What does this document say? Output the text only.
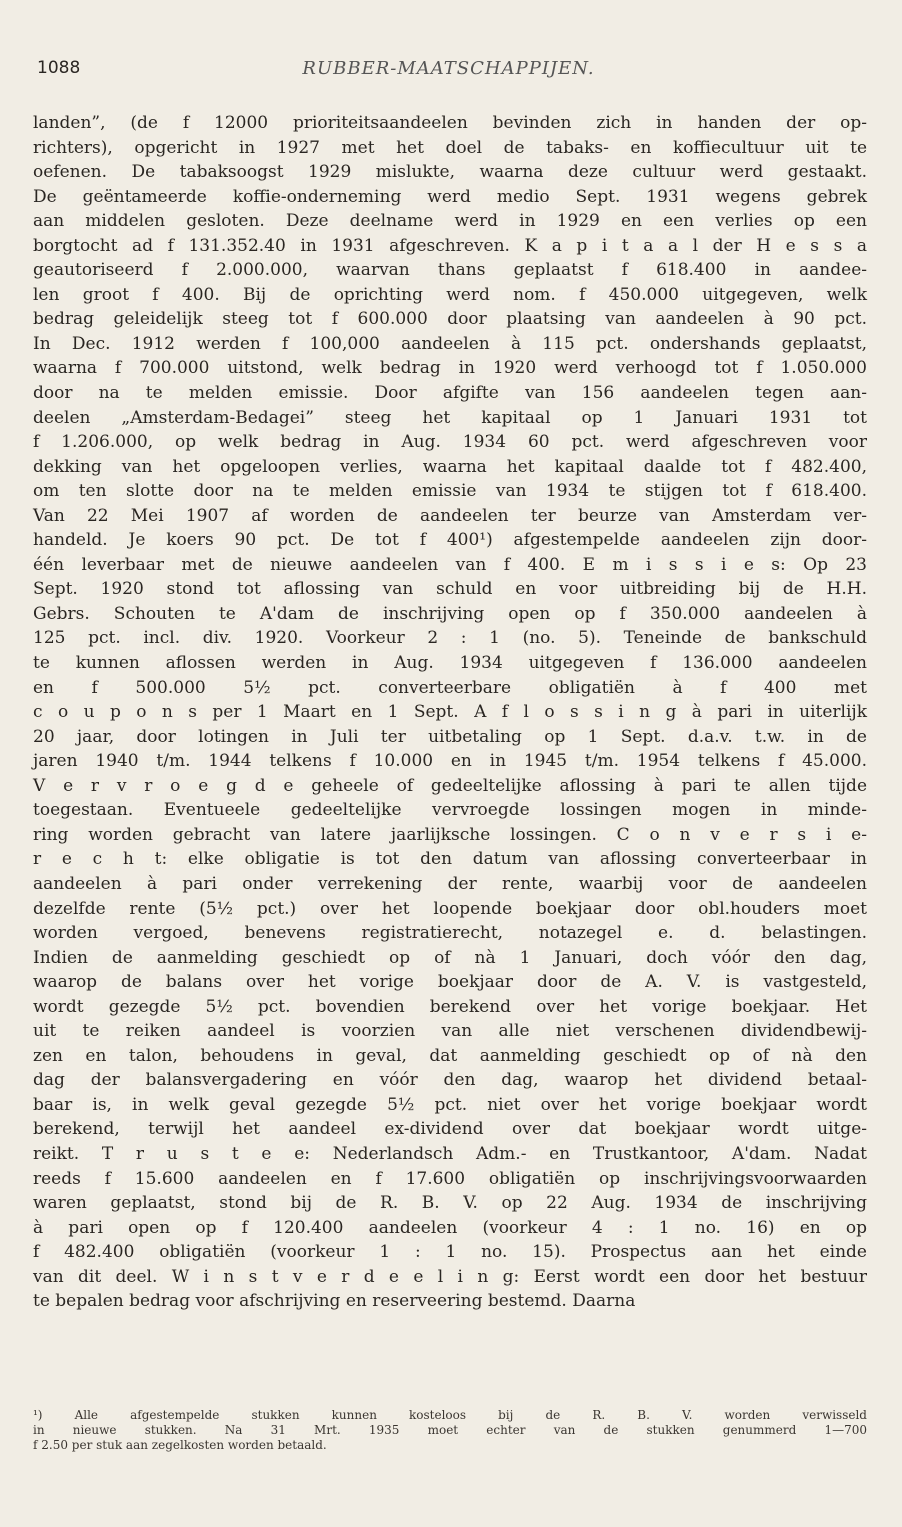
1088	RUBBER-MAATSCHAPPIJEN.
landen”, (de f 12000 prioriteitsaandeelen bevinden zich in handen der op-
richters), opgericht in 1927 met het doel de tabaks- en koffiecultuur uit te
oefenen. De tabaksoogst 1929 mislukte, waarna deze cultuur werd gestaakt.
De geëntameerde koffie-onderneming werd medio Sept. 1931 wegens gebrek
aan middelen gesloten. Deze deelname werd in 1929 en een verlies op een
borgtocht ad f 131.352.40 in 1931 afgeschreven. K a p i t a a l der H e s s a
geautoriseerd f 2.000.000, waarvan thans geplaatst f 618.400 in aandee-
len groot f 400. Bij de oprichting werd nom. f 450.000 uitgegeven, welk
bedrag geleidelijk steeg tot f 600.000 door plaatsing van aandeelen à 90 pct.
In Dec. 1912 werden f 100,000 aandeelen à 115 pct. ondershands geplaatst,
waarna f 700.000 uitstond, welk bedrag in 1920 werd verhoogd tot f 1.050.000
door na te melden emissie. Door afgifte van 156 aandeelen tegen aan-
deelen „Amsterdam-Bedagei” steeg het kapitaal op 1 Januari 1931 tot
f 1.206.000, op welk bedrag in Aug. 1934 60 pct. werd afgeschreven voor
dekking van het opgeloopen verlies, waarna het kapitaal daalde tot f 482.400,
om ten slotte door na te melden emissie van 1934 te stijgen tot f 618.400.
Van 22 Mei 1907 af worden de aandeelen ter beurze van Amsterdam ver-
handeld. Je koers 90 pct. De tot f 400¹) afgestempelde aandeelen zijn door-
één leverbaar met de nieuwe aandeelen van f 400. E m i s s i e s: Op 23
Sept. 1920 stond tot aflossing van schuld en voor uitbreiding bij de H.H.
Gebrs. Schouten te A'dam de inschrijving open op f 350.000 aandeelen à
125 pct. incl. div. 1920. Voorkeur 2 : 1 (no. 5). Teneinde de bankschuld
te kunnen aflossen werden in Aug. 1934 uitgegeven f 136.000 aandeelen
en f 500.000 5½ pct. converteerbare obligatiën à f 400 met
c o u p o n s per 1 Maart en 1 Sept. A f l o s s i n g à pari in uiterlijk
20 jaar, door lotingen in Juli ter uitbetaling op 1 Sept. d.a.v. t.w. in de
jaren 1940 t/m. 1944 telkens f 10.000 en in 1945 t/m. 1954 telkens f 45.000.
V e r v r o e g d e geheele of gedeeltelijke aflossing à pari te allen tijde
toegestaan. Eventueele gedeeltelijke vervroegde lossingen mogen in minde-
ring worden gebracht van latere jaarlijksche lossingen. C o n v e r s i e-
r e c h t: elke obligatie is tot den datum van aflossing converteerbaar in
aandeelen à pari onder verrekening der rente, waarbij voor de aandeelen
dezelfde rente (5½ pct.) over het loopende boekjaar door obl.houders moet
worden vergoed, benevens registratierecht, notazegel e. d. belastingen.
Indien de aanmelding geschiedt op of nà 1 Januari, doch vóór den dag,
waarop de balans over het vorige boekjaar door de A. V. is vastgesteld,
wordt gezegde 5½ pct. bovendien berekend over het vorige boekjaar. Het
uit te reiken aandeel is voorzien van alle niet verschenen dividendbewij-
zen en talon, behoudens in geval, dat aanmelding geschiedt op of nà den
dag der balansvergadering en vóór den dag, waarop het dividend betaal-
baar is, in welk geval gezegde 5½ pct. niet over het vorige boekjaar wordt
berekend, terwijl het aandeel ex-dividend over dat boekjaar wordt uitge-
reikt. T r u s t e e: Nederlandsch Adm.- en Trustkantoor, A'dam. Nadat
reeds f 15.600 aandeelen en f 17.600 obligatiën op inschrijvingsvoorwaarden
waren geplaatst, stond bij de R. B. V. op 22 Aug. 1934 de inschrijving
à pari open op f 120.400 aandeelen (voorkeur 4 : 1 no. 16) en op
f 482.400 obligatiën (voorkeur 1 : 1 no. 15). Prospectus aan het einde
van dit deel. W i n s t v e r d e e l i n g: Eerst wordt een door het bestuur
te bepalen bedrag voor afschrijving en reserveering bestemd. Daarna
¹) Alle afgestempelde stukken kunnen kosteloos bij de R. B. V. worden verwisseld
in nieuwe stukken. Na 31 Mrt. 1935 moet echter van de stukken genummerd 1—700
f 2.50 per stuk aan zegelkosten worden betaald.
